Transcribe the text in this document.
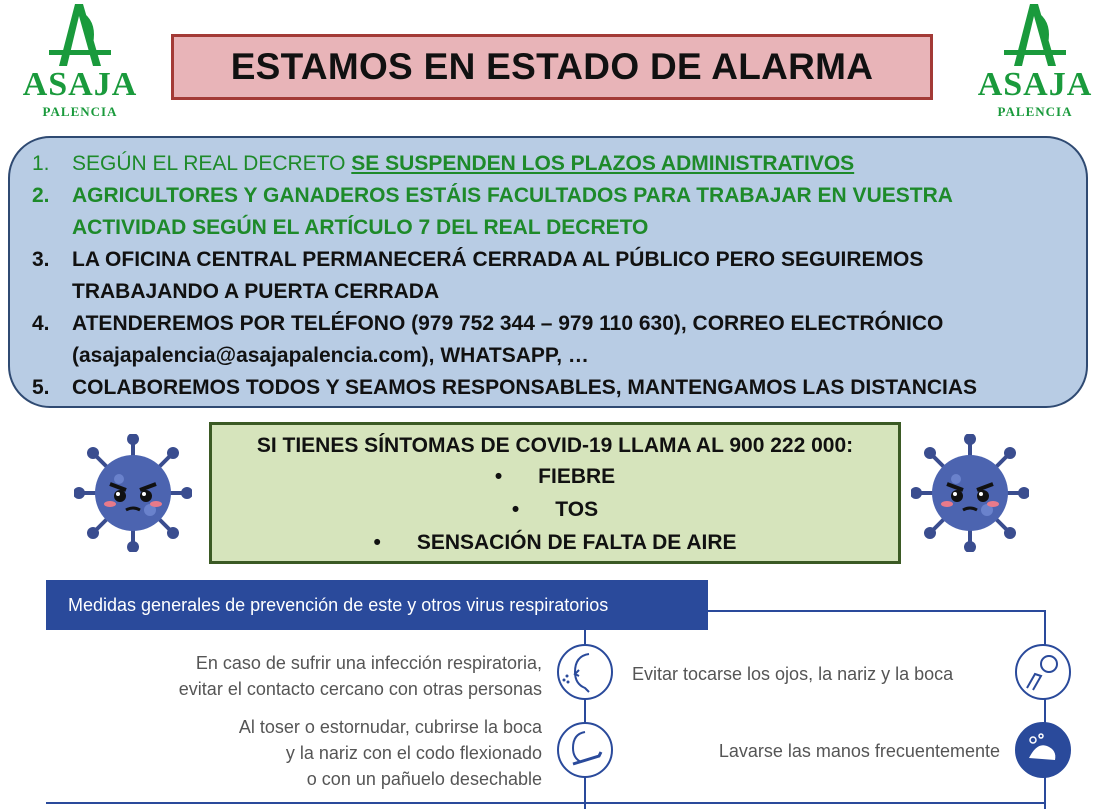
ASAJA
PALENCIA
ASAJA
PALENCIA
ESTAMOS EN ESTADO DE ALARMA
1. SEGÚN EL REAL DECRETO SE SUSPENDEN LOS PLAZOS ADMINISTRATIVOS
2. AGRICULTORES Y GANADEROS ESTÁIS FACULTADOS PARA TRABAJAR EN VUESTRA
ACTIVIDAD SEGÚN EL ARTÍCULO 7 DEL REAL DECRETO
3. LA OFICINA CENTRAL PERMANECERÁ CERRADA AL PÚBLICO PERO SEGUIREMOS
TRABAJANDO A PUERTA CERRADA
4. ATENDEREMOS POR TELÉFONO (979 752 344 – 979 110 630), CORREO ELECTRÓNICO
(asajapalencia@asajapalencia.com), WHATSAPP, …
5. COLABOREMOS TODOS Y SEAMOS RESPONSABLES, MANTENGAMOS LAS DISTANCIAS
SI TIENES SÍNTOMAS DE COVID-19 LLAMA AL 900 222 000:
• FIEBRE
• TOS
• SENSACIÓN DE FALTA DE AIRE
Medidas generales de prevención de este y otros virus respiratorios
En caso de sufrir una infección respiratoria,
evitar el contacto cercano con otras personas
Evitar tocarse los ojos, la nariz y la boca
Al toser o estornudar, cubrirse la boca
y la nariz con el codo flexionado
o con un pañuelo desechable
Lavarse las manos frecuentemente
